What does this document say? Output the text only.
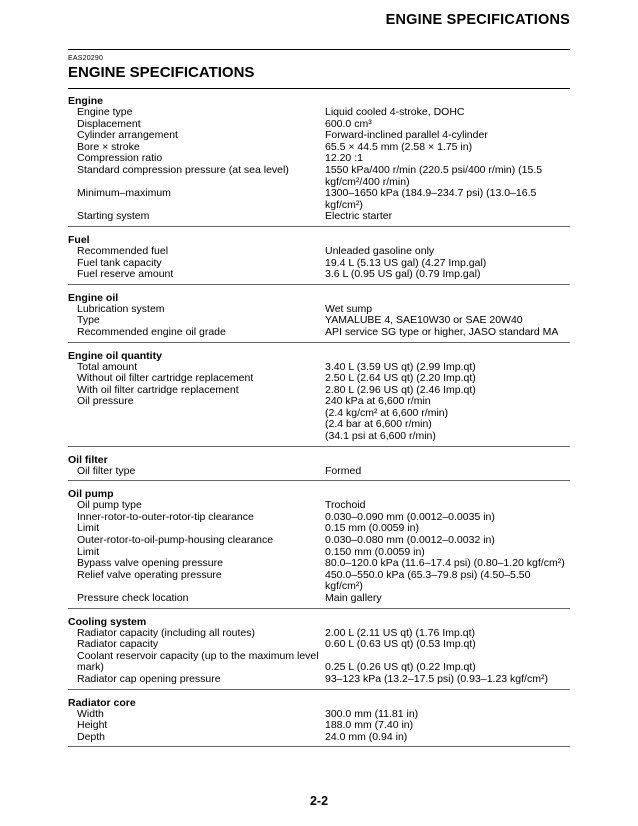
ENGINE SPECIFICATIONS
EAS20290
ENGINE SPECIFICATIONS
Engine
Engine type	Liquid cooled 4-stroke, DOHC
Displacement	600.0 cm³
Cylinder arrangement	Forward-inclined parallel 4-cylinder
Bore × stroke	65.5 × 44.5 mm (2.58 × 1.75 in)
Compression ratio	12.20 :1
Standard compression pressure (at sea level)	1550 kPa/400 r/min (220.5 psi/400 r/min) (15.5 kgf/cm²/400 r/min)
Minimum–maximum	1300–1650 kPa (184.9–234.7 psi) (13.0–16.5 kgf/cm²)
Starting system	Electric starter
Fuel
Recommended fuel	Unleaded gasoline only
Fuel tank capacity	19.4 L (5.13 US gal) (4.27 Imp.gal)
Fuel reserve amount	3.6 L (0.95 US gal) (0.79 Imp.gal)
Engine oil
Lubrication system	Wet sump
Type	YAMALUBE 4, SAE10W30 or SAE 20W40
Recommended engine oil grade	API service SG type or higher, JASO standard MA
Engine oil quantity
Total amount	3.40 L (3.59 US qt) (2.99 Imp.qt)
Without oil filter cartridge replacement	2.50 L (2.64 US qt) (2.20 Imp.qt)
With oil filter cartridge replacement	2.80 L (2.96 US qt) (2.46 Imp.qt)
Oil pressure	240 kPa at 6,600 r/min
(2.4 kg/cm² at 6,600 r/min)
(2.4 bar at 6,600 r/min)
(34.1 psi at 6,600 r/min)
Oil filter
Oil filter type	Formed
Oil pump
Oil pump type	Trochoid
Inner-rotor-to-outer-rotor-tip clearance	0.030–0.090 mm (0.0012–0.0035 in)
Limit	0.15 mm (0.0059 in)
Outer-rotor-to-oil-pump-housing clearance	0.030–0.080 mm (0.0012–0.0032 in)
Limit	0.150 mm (0.0059 in)
Bypass valve opening pressure	80.0–120.0 kPa (11.6–17.4 psi) (0.80–1.20 kgf/cm²)
Relief valve operating pressure	450.0–550.0 kPa (65.3–79.8 psi) (4.50–5.50 kgf/cm²)
Pressure check location	Main gallery
Cooling system
Radiator capacity (including all routes)	2.00 L (2.11 US qt) (1.76 Imp.qt)
Radiator capacity	0.60 L (0.63 US qt) (0.53 Imp.qt)
Coolant reservoir capacity (up to the maximum level mark)	0.25 L (0.26 US qt) (0.22 Imp.qt)
Radiator cap opening pressure	93–123 kPa (13.2–17.5 psi) (0.93–1.23 kgf/cm²)
Radiator core
Width	300.0 mm (11.81 in)
Height	188.0 mm (7.40 in)
Depth	24.0 mm (0.94 in)
2-2
